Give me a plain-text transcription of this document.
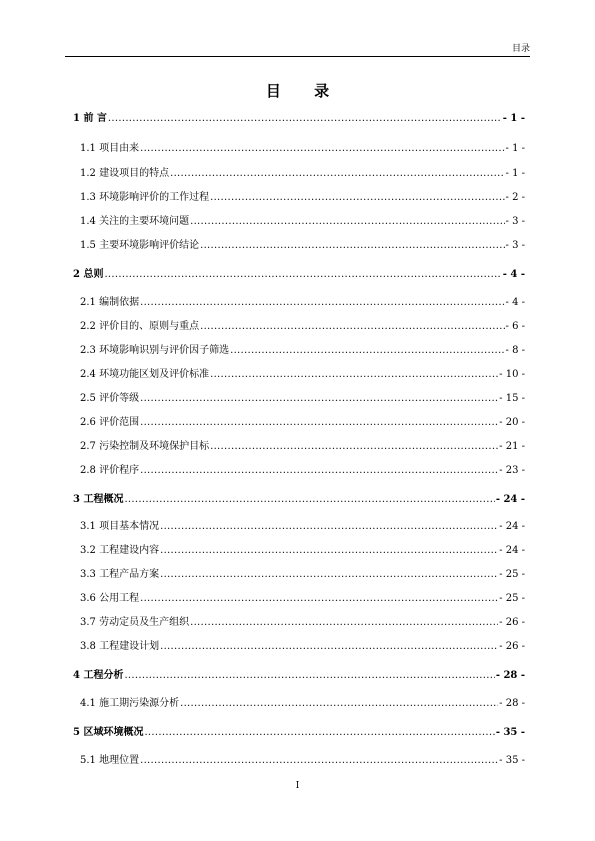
目录
目 录
1 前 言 .....	- 1 -
1.1 项目由来 .....	- 1 -
1.2 建设项目的特点 .....	- 1 -
1.3 环境影响评价的工作过程 .....	- 2 -
1.4 关注的主要环境问题 .....	- 3 -
1.5 主要环境影响评价结论 .....	- 3 -
2 总则 .....	- 4 -
2.1 编制依据 .....	- 4 -
2.2 评价目的、原则与重点 .....	- 6 -
2.3 环境影响识别与评价因子筛选 .....	- 8 -
2.4 环境功能区划及评价标准 .....	- 10 -
2.5 评价等级 .....	- 15 -
2.6 评价范围 .....	- 20 -
2.7 污染控制及环境保护目标 .....	- 21 -
2.8 评价程序 .....	- 23 -
3 工程概况 .....	- 24 -
3.1 项目基本情况 .....	- 24 -
3.2 工程建设内容 .....	- 24 -
3.3 工程产品方案 .....	- 25 -
3.6 公用工程 .....	- 25 -
3.7 劳动定员及生产组织 .....	- 26 -
3.8 工程建设计划 .....	- 26 -
4 工程分析 .....	- 28 -
4.1 施工期污染源分析 .....	- 28 -
5 区域环境概况 .....	- 35 -
5.1 地理位置 .....	- 35 -
I
